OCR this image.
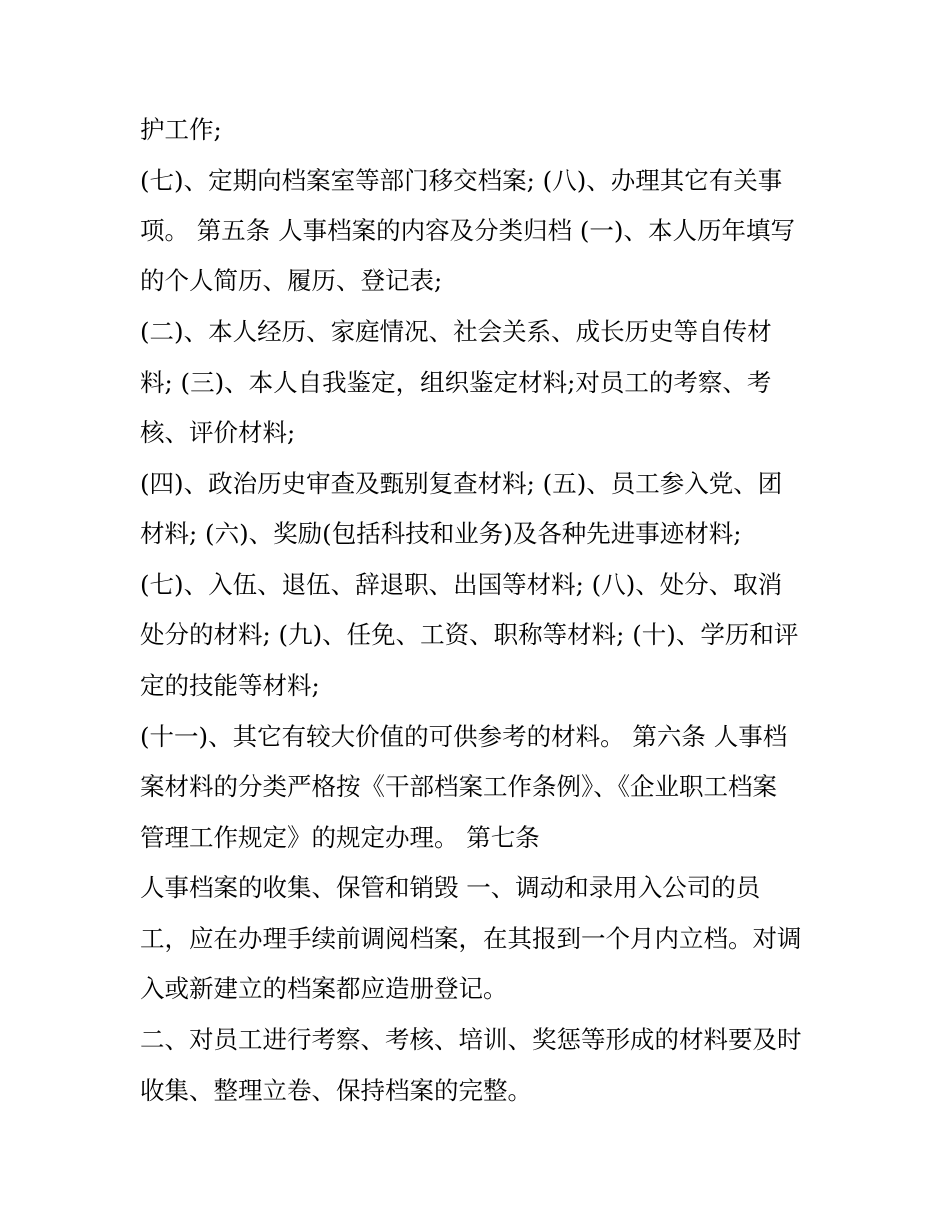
护工作;

(七)、定期向档案室等部门移交档案; (八)、办理其它有关事

项。 第五条 人事档案的内容及分类归档 (一)、本人历年填写

的个人简历、履历、登记表;

(二)、本人经历、家庭情况、社会关系、成长历史等自传材

料; (三)、本人自我鉴定，组织鉴定材料;对员工的考察、考

核、评价材料;

(四)、政治历史审查及甄别复查材料; (五)、员工参入党、团

材料; (六)、奖励(包括科技和业务)及各种先进事迹材料;

(七)、入伍、退伍、辞退职、出国等材料; (八)、处分、取消

处分的材料; (九)、任免、工资、职称等材料; (十)、学历和评

定的技能等材料;

(十一)、其它有较大价值的可供参考的材料。 第六条 人事档

案材料的分类严格按《干部档案工作条例》、《企业职工档案

管理工作规定》的规定办理。 第七条

人事档案的收集、保管和销毁 一、调动和录用入公司的员

工，应在办理手续前调阅档案，在其报到一个月内立档。对调

入或新建立的档案都应造册登记。

二、对员工进行考察、考核、培训、奖惩等形成的材料要及时

收集、整理立卷、保持档案的完整。
